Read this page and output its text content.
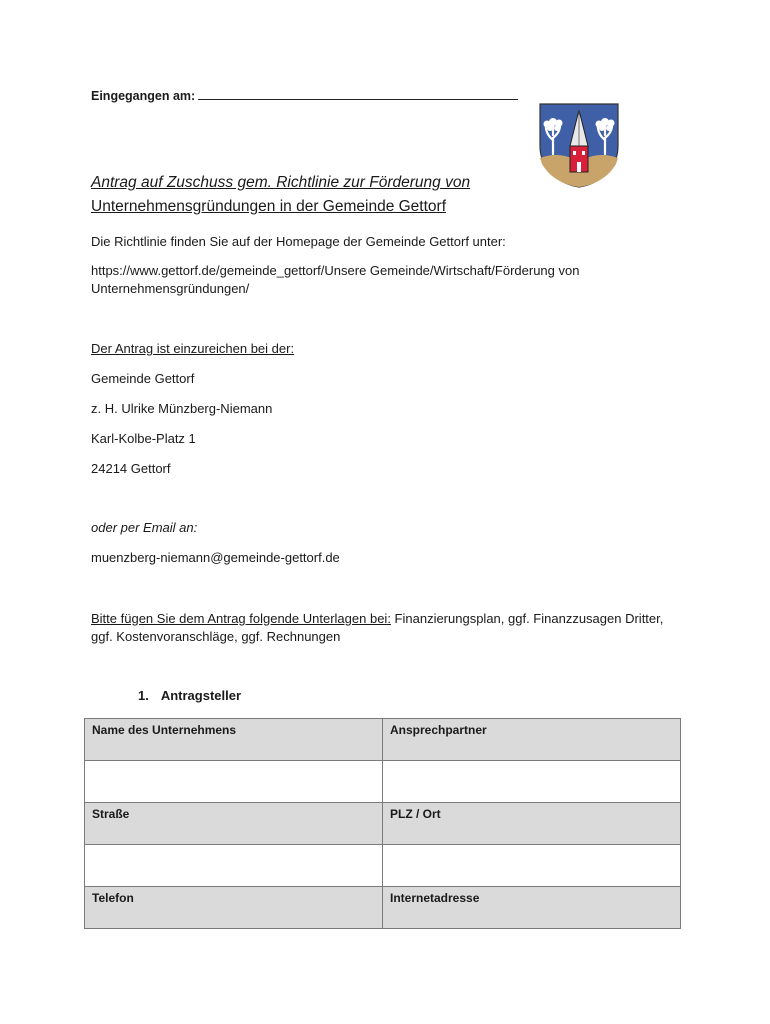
Eingegangen am:
Antrag auf Zuschuss gem. Richtlinie zur Förderung von
Unternehmensgründungen in der Gemeinde Gettorf
Die Richtlinie finden Sie auf der Homepage der Gemeinde Gettorf unter:
https://www.gettorf.de/gemeinde_gettorf/Unsere Gemeinde/Wirtschaft/Förderung von Unternehmensgründungen/
Der Antrag ist einzureichen bei der:
Gemeinde Gettorf
z. H. Ulrike Münzberg-Niemann
Karl-Kolbe-Platz 1
24214 Gettorf
oder per Email an:
muenzberg-niemann@gemeinde-gettorf.de
Bitte fügen Sie dem Antrag folgende Unterlagen bei: Finanzierungsplan, ggf. Finanzzusagen Dritter, ggf. Kostenvoranschläge, ggf. Rechnungen
1. Antragsteller
Name des Unternehmens	Ansprechpartner

Straße	PLZ / Ort

Telefon	Internetadresse
